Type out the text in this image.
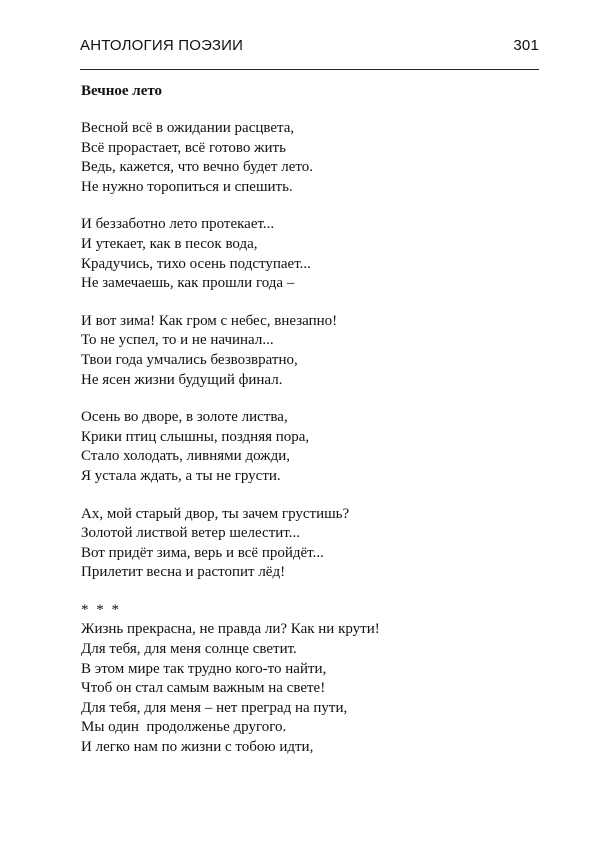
АНТОЛОГИЯ ПОЭЗИИ	301
Вечное лето
Весной всё в ожидании расцвета,
Всё прорастает, всё готово жить
Ведь, кажется, что вечно будет лето.
Не нужно торопиться и спешить.
И беззаботно лето протекает...
И утекает, как в песок вода,
Крадучись, тихо осень подступает...
Не замечаешь, как прошли года –
И вот зима! Как гром с небес, внезапно!
То не успел, то и не начинал...
Твои года умчались безвозвратно,
Не ясен жизни будущий финал.
Осень во дворе, в золоте листва,
Крики птиц слышны, поздняя пора,
Стало холодать, ливнями дожди,
Я устала ждать, а ты не грусти.
Ах, мой старый двор, ты зачем грустишь?
Золотой листвой ветер шелестит...
Вот придёт зима, верь и всё пройдёт...
Прилетит весна и растопит лёд!
* * *
Жизнь прекрасна, не правда ли? Как ни крути!
Для тебя, для меня солнце светит.
В этом мире так трудно кого-то найти,
Чтоб он стал самым важным на свете!
Для тебя, для меня – нет преград на пути,
Мы один  продолженье другого.
И легко нам по жизни с тобою идти,
